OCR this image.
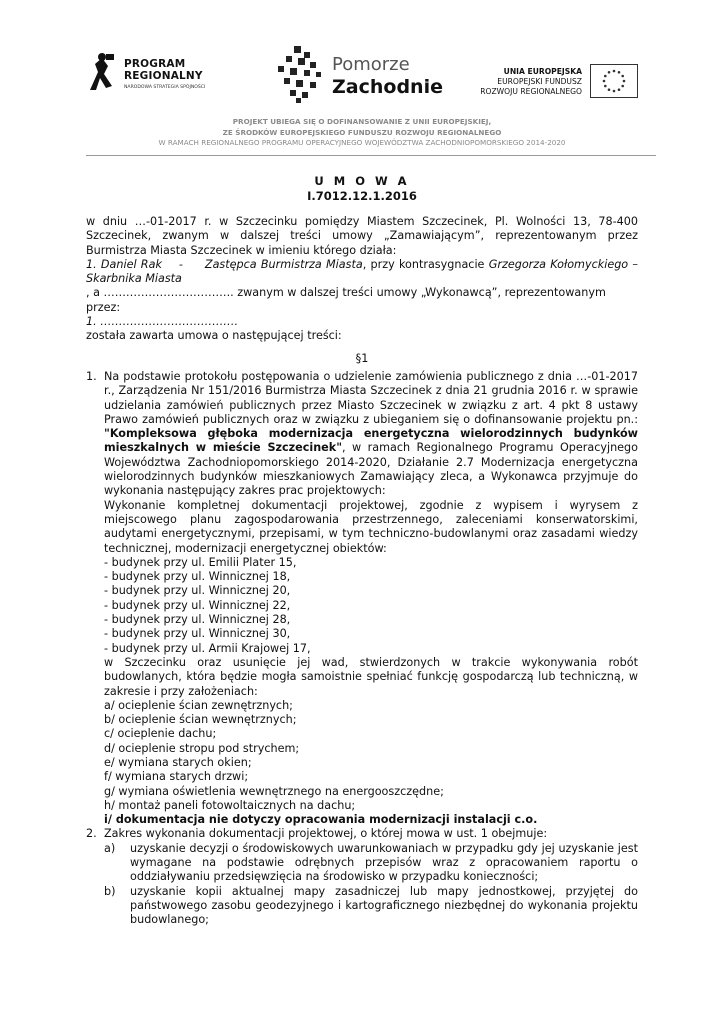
PROGRAM
REGIONALNY
NARODOWA STRATEGIA SPÓJNOŚCI
Pomorze
Zachodnie
UNIA EUROPEJSKA
EUROPEJSKI FUNDUSZ
ROZWOJU REGIONALNEGO
PROJEKT UBIEGA SIĘ O DOFINANSOWANIE Z UNII EUROPEJSKIEJ,
ZE ŚRODKÓW EUROPEJSKIEGO FUNDUSZU ROZWOJU REGIONALNEGO
W RAMACH REGIONALNEGO PROGRAMU OPERACYJNEGO WOJEWÓDZTWA ZACHODNIOPOMORSKIEGO 2014-2020
U M O W A
I.7012.12.1.2016

w dniu …-01-2017 r. w Szczecinku pomiędzy Miastem Szczecinek, Pl. Wolności 13, 78-400 Szczecinek, zwanym w dalszej treści umowy „Zamawiającym”, reprezentowanym przez Burmistrza Miasta Szczecinek w imieniu którego działa:

1. Daniel Rak    - Zastępca Burmistrza Miasta, przy kontrasygnacie Grzegorza Kołomyckiego – Skarbnika Miasta

, a …………………………….. zwanym w dalszej treści umowy „Wykonawcą”, reprezentowanym przez:

1. ……………………………….

została zawarta umowa o następującej treści:

§1
1. Na podstawie protokołu postępowania o udzielenie zamówienia publicznego z dnia …-01-2017 r., Zarządzenia Nr 151/2016 Burmistrza Miasta Szczecinek z dnia 21 grudnia 2016 r. w sprawie udzielania zamówień publicznych przez Miasto Szczecinek w związku z art. 4 pkt 8 ustawy Prawo zamówień publicznych oraz w związku z ubieganiem się o dofinansowanie projektu pn.: "Kompleksowa głęboka modernizacja energetyczna wielorodzinnych budynków mieszkalnych w mieście Szczecinek", w ramach Regionalnego Programu Operacyjnego Województwa Zachodniopomorskiego 2014-2020, Działanie 2.7 Modernizacja energetyczna wielorodzinnych budynków mieszkaniowych Zamawiający zleca, a Wykonawca przyjmuje do wykonania następujący zakres prac projektowych:

Wykonanie kompletnej dokumentacji projektowej, zgodnie z wypisem i wyrysem z miejscowego planu zagospodarowania przestrzennego, zaleceniami konserwatorskimi, audytami energetycznymi, przepisami, w tym techniczno-budowlanymi oraz zasadami wiedzy technicznej, modernizacji energetycznej obiektów:

- budynek przy ul. Emilii Plater 15,

- budynek przy ul. Winnicznej 18,

- budynek przy ul. Winnicznej 20,

- budynek przy ul. Winnicznej 22,

- budynek przy ul. Winnicznej 28,

- budynek przy ul. Winnicznej 30,

- budynek przy ul. Armii Krajowej 17,

w Szczecinku oraz usunięcie jej wad, stwierdzonych w trakcie wykonywania robót budowlanych, która będzie mogła samoistnie spełniać funkcję gospodarczą lub techniczną, w zakresie i przy założeniach:

a/ ocieplenie ścian zewnętrznych;

b/ ocieplenie ścian wewnętrznych;

c/ ocieplenie dachu;

d/ ocieplenie stropu pod strychem;

e/ wymiana starych okien;

f/ wymiana starych drzwi;

g/ wymiana oświetlenia wewnętrznego na energooszczędne;

h/ montaż paneli fotowoltaicznych na dachu;

i/ dokumentacja nie dotyczy opracowania modernizacji instalacji c.o.

2. Zakres wykonania dokumentacji projektowej, o której mowa w ust. 1 obejmuje:
a)	uzyskanie decyzji o środowiskowych uwarunkowaniach w przypadku gdy jej uzyskanie jest wymagane na podstawie odrębnych przepisów wraz z opracowaniem raportu o oddziaływaniu przedsięwzięcia na środowisko w przypadku konieczności;
b)	uzyskanie kopii aktualnej mapy zasadniczej lub mapy jednostkowej, przyjętej do państwowego zasobu geodezyjnego i kartograficznego niezbędnej do wykonania projektu budowlanego;
